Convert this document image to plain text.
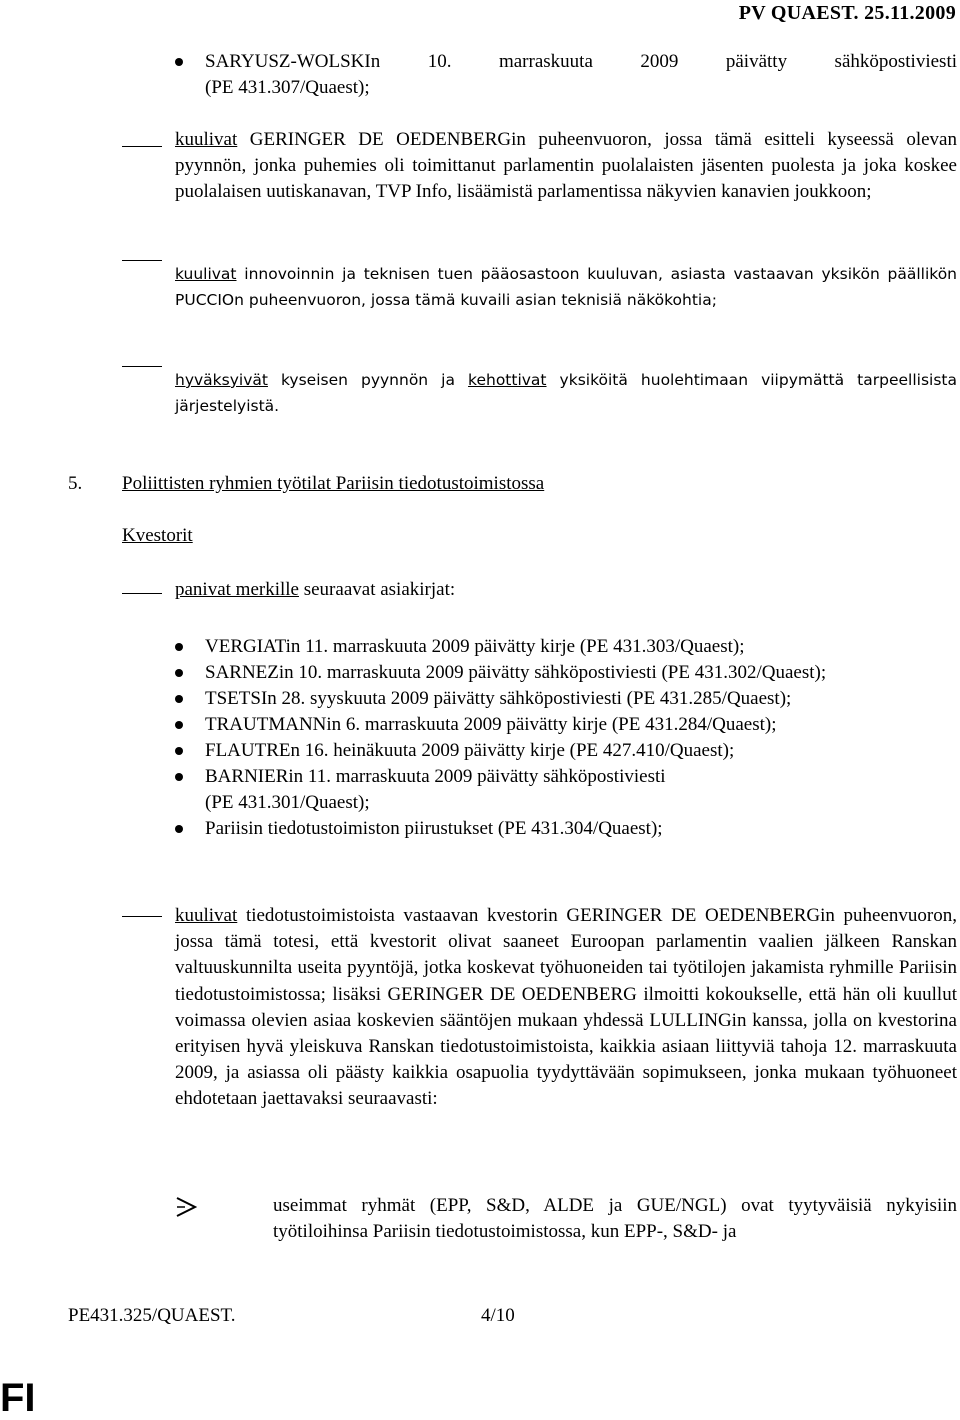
PV QUAEST. 25.11.2009

SARYUSZ-WOLSKIn 10. marraskuuta 2009 päivätty sähköpostiviesti

(PE 431.307/Quaest);

kuulivat GERINGER DE OEDENBERGin puheenvuoron, jossa tämä esitteli kyseessä olevan pyynnön, jonka puhemies oli toimittanut parlamentin puolalaisten jäsenten puolesta ja joka koskee puolalaisen uutiskanavan, TVP Info, lisäämistä parlamentissa näkyvien kanavien joukkoon;
kuulivat innovoinnin ja teknisen tuen pääosastoon kuuluvan, asiasta vastaavan yksikön päällikön PUCCIOn puheenvuoron, jossa tämä kuvaili asian teknisiä näkökohtia;
hyväksyivät kyseisen pyynnön ja kehottivat yksiköitä huolehtimaan viipymättä tarpeellisista järjestelyistä.
5. Poliittisten ryhmien työtilat Pariisin tiedotustoimistossa
Kvestorit
panivat merkille seuraavat asiakirjat:
VERGIATin 11. marraskuuta 2009 päivätty kirje (PE 431.303/Quaest);
SARNEZin 10. marraskuuta 2009 päivätty sähköpostiviesti (PE 431.302/Quaest);
TSETSIn 28. syyskuuta 2009 päivätty sähköpostiviesti (PE 431.285/Quaest);
TRAUTMANNin 6. marraskuuta 2009 päivätty kirje (PE 431.284/Quaest);
FLAUTREn 16. heinäkuuta 2009 päivätty kirje (PE 427.410/Quaest);
BARNIERin 11. marraskuuta 2009 päivätty sähköpostiviesti
(PE 431.301/Quaest);
Pariisin tiedotustoimiston piirustukset (PE 431.304/Quaest);
kuulivat tiedotustoimistoista vastaavan kvestorin GERINGER DE OEDENBERGin puheenvuoron, jossa tämä totesi, että kvestorit olivat saaneet Euroopan parlamentin vaalien jälkeen Ranskan valtuuskunnilta useita pyyntöjä, jotka koskevat työhuoneiden tai työtilojen jakamista ryhmille Pariisin tiedotustoimistossa; lisäksi GERINGER DE OEDENBERG ilmoitti kokoukselle, että hän oli kuullut voimassa olevien asiaa koskevien sääntöjen mukaan yhdessä LULLINGin kanssa, jolla on kvestorina erityisen hyvä yleiskuva Ranskan tiedotustoimistoista, kaikkia asiaan liittyviä tahoja 12. marraskuuta 2009, ja asiassa oli päästy kaikkia osapuolia tyydyttävään sopimukseen, jonka mukaan työhuoneet ehdotetaan jaettavaksi seuraavasti:
useimmat ryhmät (EPP, S&D, ALDE ja GUE/NGL) ovat tyytyväisiä nykyisiin työtiloihinsa Pariisin tiedotustoimistossa, kun EPP-, S&D- ja
PE431.325/QUAEST.	4/10
FI
